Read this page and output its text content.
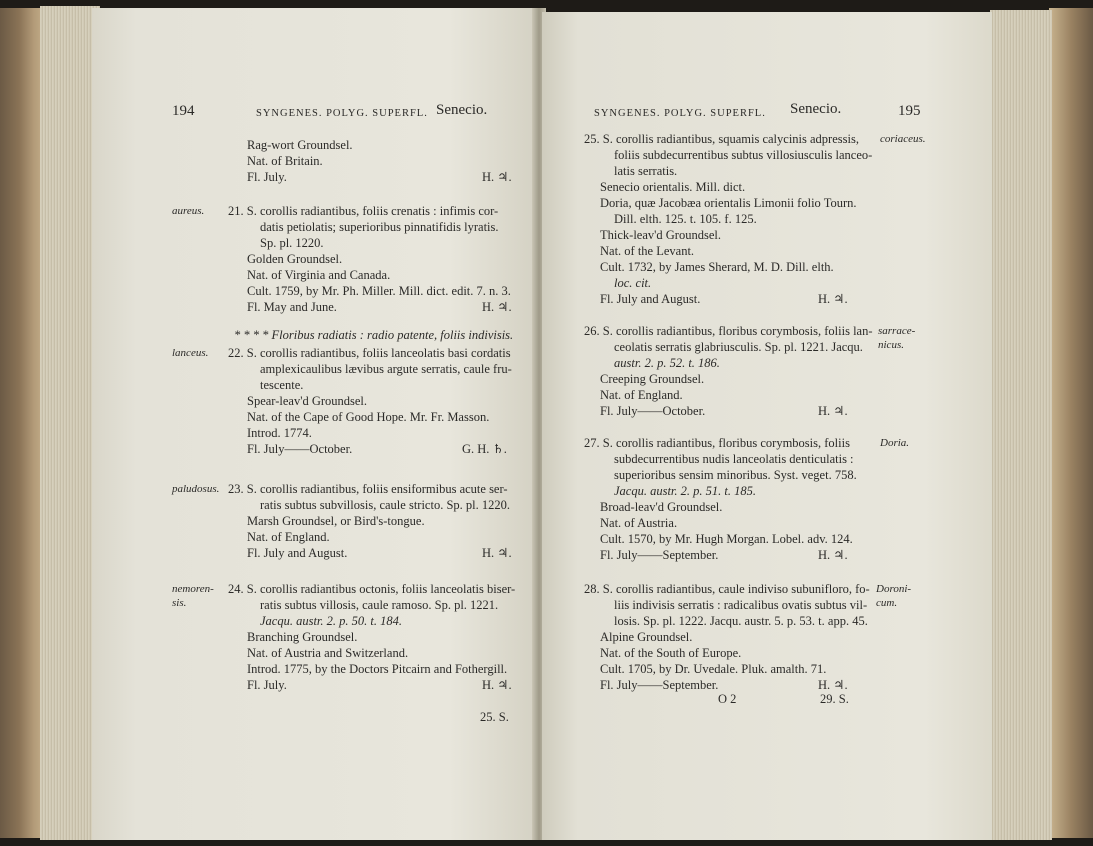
194	SYNGENES. POLYG. SUPERFL. Senecio.
Rag-wort Groundsel.
Nat. of Britain.
Fl. July.	H. ♃.
aureus. 21. S. corollis radiantibus, foliis crenatis : infimis cor-
datis petiolatis; superioribus pinnatifidis lyratis.
Sp. pl. 1220.
Golden Groundsel.
Nat. of Virginia and Canada.
Cult. 1759, by Mr. Ph. Miller. Mill. dict. edit. 7. n. 3.
Fl. May and June.	H. ♃.
* * * * Floribus radiatis : radio patente, foliis indivisis.
lanceus. 22. S. corollis radiantibus, foliis lanceolatis basi cordatis
amplexicaulibus lævibus argute serratis, caule fru-
tescente.
Spear-leav'd Groundsel.
Nat. of the Cape of Good Hope. Mr. Fr. Masson.
Introd. 1774.
Fl. July——October.	G. H. ♄.
paludosus. 23. S. corollis radiantibus, foliis ensiformibus acute ser-
ratis subtus subvillosis, caule stricto. Sp. pl. 1220.
Marsh Groundsel, or Bird's-tongue.
Nat. of England.
Fl. July and August.	H. ♃.
nemoren-
sis.
24. S. corollis radiantibus octonis, foliis lanceolatis biser-
ratis subtus villosis, caule ramoso. Sp. pl. 1221.
Jacqu. austr. 2. p. 50. t. 184.
Branching Groundsel.
Nat. of Austria and Switzerland.
Introd. 1775, by the Doctors Pitcairn and Fothergill.
Fl. July.	H. ♃.
25. S.
SYNGENES. POLYG. SUPERFL. Senecio.	195
25. S. corollis radiantibus, squamis calycinis adpressis, coriaceus.
foliis subdecurrentibus subtus villosiusculis lanceo-
latis serratis.
Senecio orientalis. Mill. dict.
Doria, quæ Jacobæa orientalis Limonii folio Tourn.
Dill. elth. 125. t. 105. f. 125.
Thick-leav'd Groundsel.
Nat. of the Levant.
Cult. 1732, by James Sherard, M. D. Dill. elth.
loc. cit.
Fl. July and August.	H. ♃.
26. S. corollis radiantibus, floribus corymbosis, foliis lan- sarrace-
nicus.
ceolatis serratis glabriusculis. Sp. pl. 1221. Jacqu.
austr. 2. p. 52. t. 186.
Creeping Groundsel.
Nat. of England.
Fl. July——October.	H. ♃.
27. S. corollis radiantibus, floribus corymbosis, foliis	Doria.
subdecurrentibus nudis lanceolatis denticulatis :
superioribus sensim minoribus. Syst. veget. 758.
Jacqu. austr. 2. p. 51. t. 185.
Broad-leav'd Groundsel.
Nat. of Austria.
Cult. 1570, by Mr. Hugh Morgan. Lobel. adv. 124.
Fl. July——September.	H. ♃.
28. S. corollis radiantibus, caule indiviso subunifloro, fo- Doroni-
cum.
liis indivisis serratis : radicalibus ovatis subtus vil-
losis. Sp. pl. 1222. Jacqu. austr. 5. p. 53. t. app. 45.
Alpine Groundsel.
Nat. of the South of Europe.
Cult. 1705, by Dr. Uvedale. Pluk. amalth. 71.
Fl. July——September.	H. ♃.
O 2	29. S.
